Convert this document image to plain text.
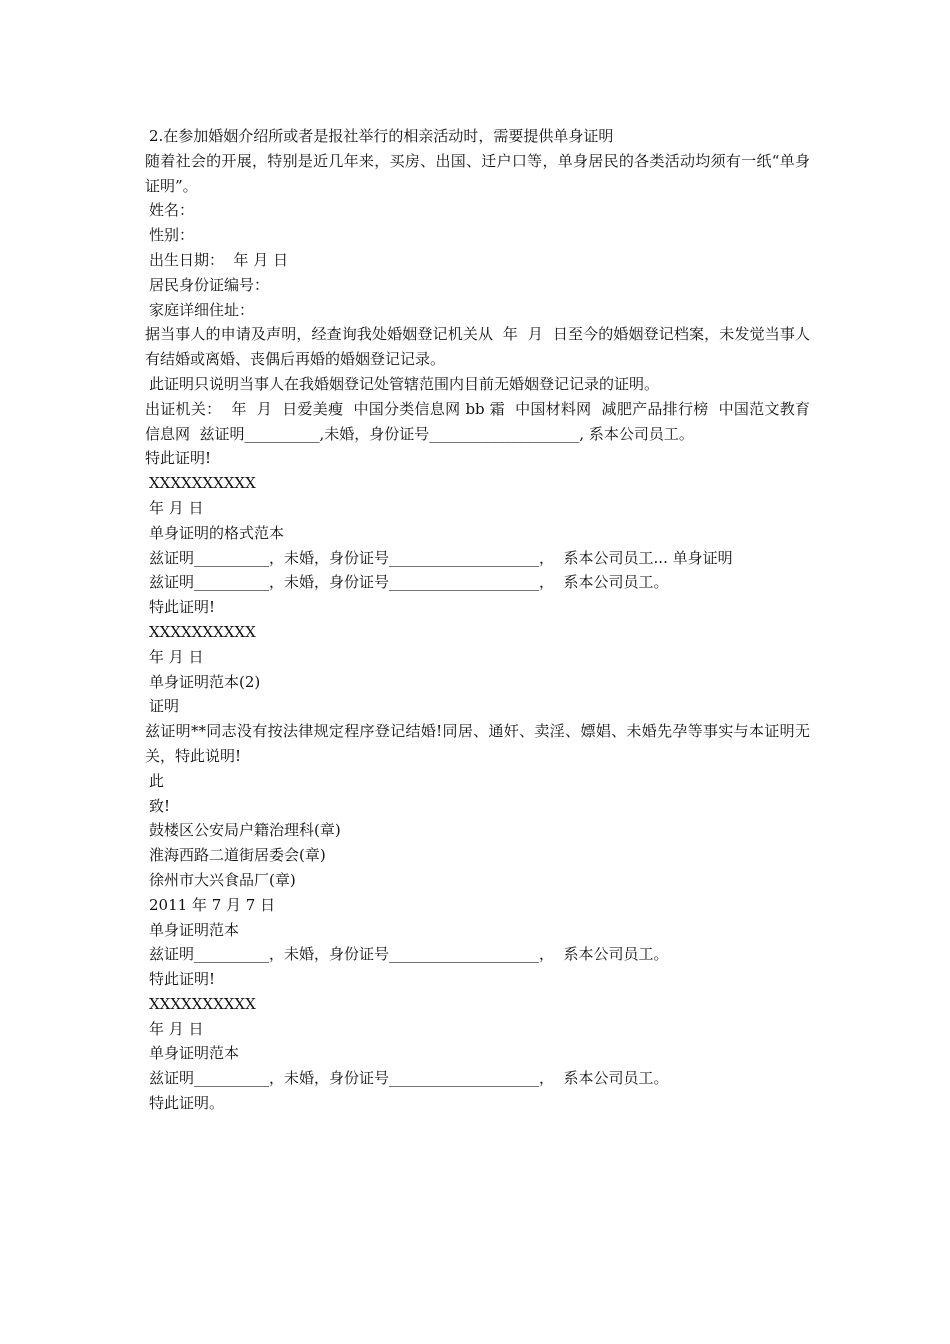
2.在参加婚姻介绍所或者是报社举行的相亲活动时，需要提供单身证明

随着社会的开展，特别是近几年来，买房、出国、迁户口等，单身居民的各类活动均须有一纸“单身证明”。

姓名：

性别：

出生日期：  年 月 日

居民身份证编号：

家庭详细住址：

据当事人的申请及声明，经查询我处婚姻登记机关从  年  月  日至今的婚姻登记档案，未发觉当事人有结婚或离婚、丧偶后再婚的婚姻登记记录。

此证明只说明当事人在我婚姻登记处管辖范围内目前无婚姻登记记录的证明。

出证机关：  年  月  日爱美瘦  中国分类信息网 bb 霜  中国材料网  减肥产品排行榜  中国范文教育信息网  兹证明__________,未婚，身份证号____________________, 系本公司员工。

特此证明!

XXXXXXXXXX

年 月 日

单身证明的格式范本

兹证明__________，未婚，身份证号____________________，  系本公司员工... 单身证明

兹证明__________，未婚，身份证号____________________，  系本公司员工。

特此证明!

XXXXXXXXXX

年 月 日

单身证明范本(2)

证明

兹证明**同志没有按法律规定程序登记结婚!同居、通奸、卖淫、嫖娼、未婚先孕等事实与本证明无关，特此说明!

此

致!

鼓楼区公安局户籍治理科(章)

淮海西路二道街居委会(章)

徐州市大兴食品厂(章)

2011 年 7 月 7 日

单身证明范本

兹证明__________，未婚，身份证号____________________，  系本公司员工。

特此证明!

XXXXXXXXXX

年 月 日

单身证明范本

兹证明__________，未婚，身份证号____________________，  系本公司员工。

特此证明。
